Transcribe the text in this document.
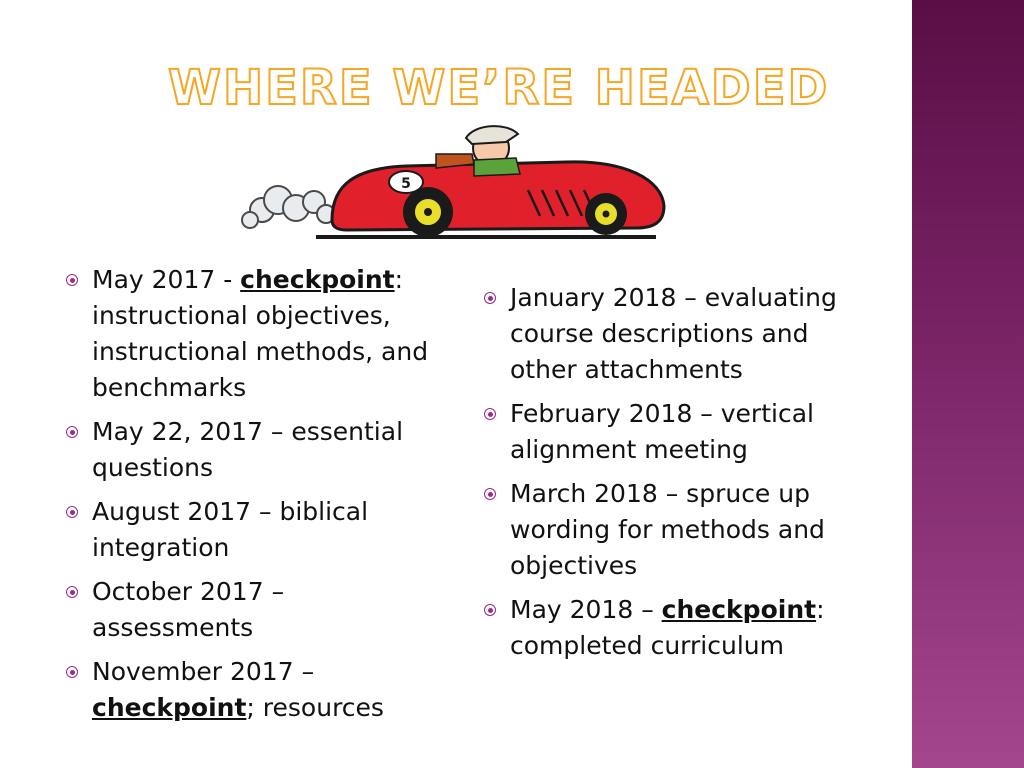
WHERE WE’RE HEADED
5
May 2017 - checkpoint: instructional objectives, instructional methods, and benchmarks
May 22, 2017 – essential questions
August 2017 – biblical integration
October 2017 – assessments
November 2017 – checkpoint; resources
January 2018 – evaluating course descriptions and other attachments
February 2018 – vertical alignment meeting
March 2018 – spruce up wording for methods and objectives
May 2018 – checkpoint: completed curriculum
